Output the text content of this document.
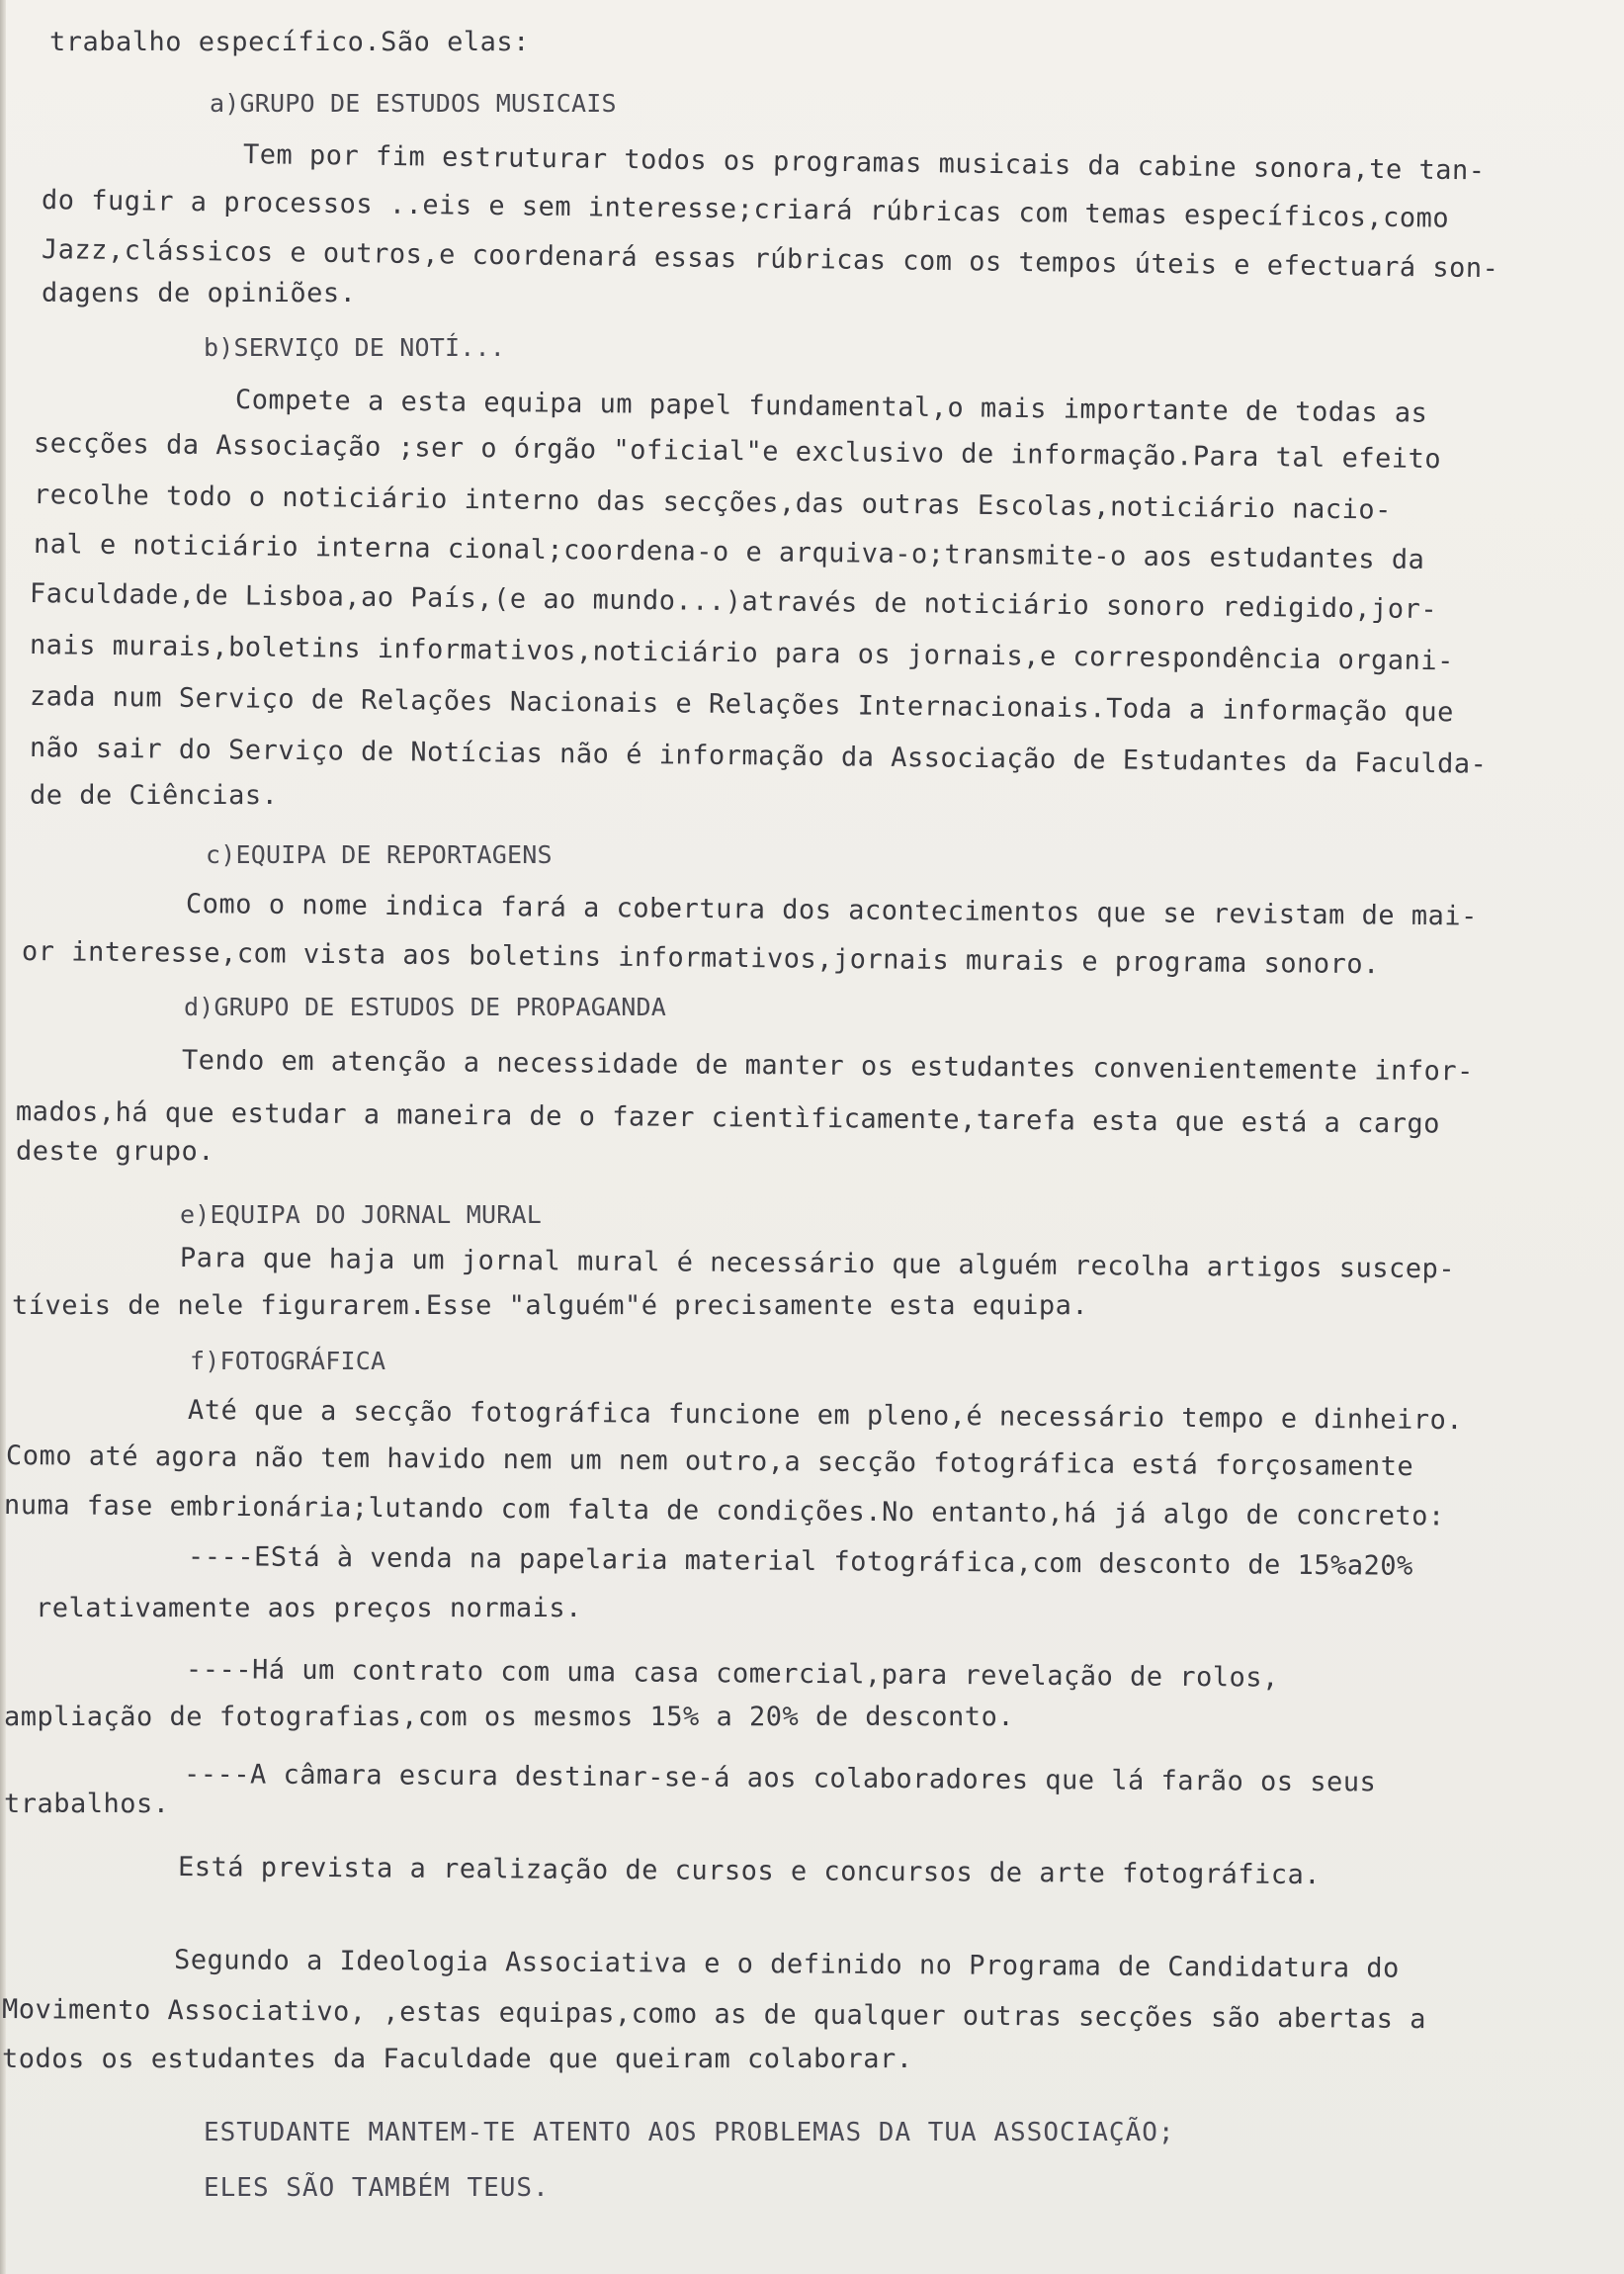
trabalho específico.São elas:
a)GRUPO DE ESTUDOS MUSICAIS
Tem por fim estruturar todos os programas musicais da cabine sonora,te tan-
do fugir a processos ..eis e sem interesse;criará rúbricas com temas específicos,como
Jazz,clássicos e outros,e coordenará essas rúbricas com os tempos úteis e efectuará son-
dagens de opiniões.
b)SERVIÇO DE NOTÍ...
Compete a esta equipa um papel fundamental,o mais importante de todas as
secções da Associação ;ser o órgão "oficial"e exclusivo de informação.Para tal efeito
recolhe todo o noticiário interno das secções,das outras Escolas,noticiário nacio-
nal e noticiário interna cional;coordena-o e arquiva-o;transmite-o aos estudantes da
Faculdade,de Lisboa,ao País,(e ao mundo...)através de noticiário sonoro redigido,jor-
nais murais,boletins informativos,noticiário para os jornais,e correspondência organi-
zada num Serviço de Relações Nacionais e Relações Internacionais.Toda a informação que
não sair do Serviço de Notícias não é informação da Associação de Estudantes da Faculda-
de de Ciências.
c)EQUIPA DE REPORTAGENS
Como o nome indica fará a cobertura dos acontecimentos que se revistam de mai-
or interesse,com vista aos boletins informativos,jornais murais e programa sonoro.
d)GRUPO DE ESTUDOS DE PROPAGANDA
Tendo em atenção a necessidade de manter os estudantes convenientemente infor-
mados,há que estudar a maneira de o fazer cientìficamente,tarefa esta que está a cargo
deste grupo.
e)EQUIPA DO JORNAL MURAL
Para que haja um jornal mural é necessário que alguém recolha artigos suscep-
tíveis de nele figurarem.Esse "alguém"é precisamente esta equipa.
f)FOTOGRÁFICA
Até que a secção fotográfica funcione em pleno,é necessário tempo e dinheiro.
Como até agora não tem havido nem um nem outro,a secção fotográfica está forçosamente
numa fase embrionária;lutando com falta de condições.No entanto,há já algo de concreto:
----EStá à venda na papelaria material fotográfica,com desconto de 15%a20%
relativamente aos preços normais.
----Há um contrato com uma casa comercial,para revelação de rolos,
ampliação de fotografias,com os mesmos 15% a 20% de desconto.
----A câmara escura destinar-se-á aos colaboradores que lá farão os seus
trabalhos.
Está prevista a realização de cursos e concursos de arte fotográfica.
Segundo a Ideologia Associativa e o definido no Programa de Candidatura do
Movimento Associativo, ,estas equipas,como as de qualquer outras secções são abertas a
todos os estudantes da Faculdade que queiram colaborar.
ESTUDANTE MANTEM-TE ATENTO AOS PROBLEMAS DA TUA ASSOCIAÇÃO;
ELES SÃO TAMBÉM TEUS.
